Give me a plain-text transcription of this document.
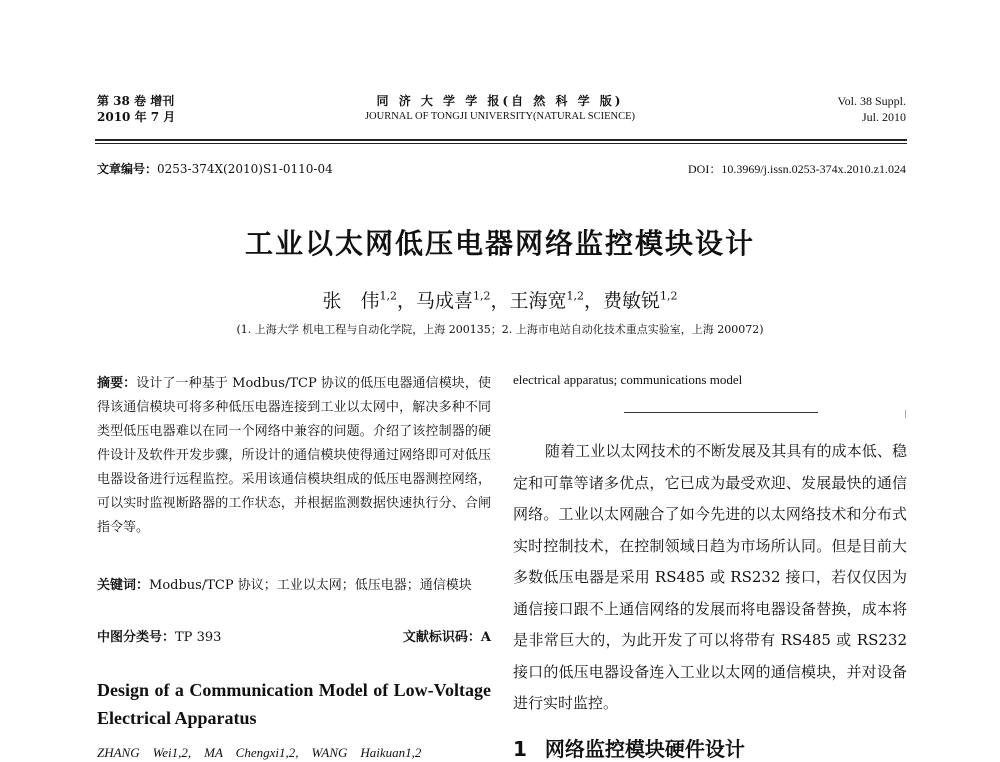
第 38 卷 增刊
2010 年 7 月
同 济 大 学 学 报(自 然 科 学 版)
JOURNAL OF TONGJI UNIVERSITY(NATURAL SCIENCE)
Vol. 38 Suppl.
Jul. 2010
文章编号：0253-374X(2010)S1-0110-04	DOI：10.3969/j.issn.0253-374x.2010.z1.024
工业以太网低压电器网络监控模块设计
张　伟$^{1,2}$，马成喜$^{1,2}$，王海宽$^{1,2}$，费敏锐$^{1,2}$
(1. 上海大学 机电工程与自动化学院，上海 200135；2. 上海市电站自动化技术重点实验室，上海 200072)
摘要：设计了一种基于 Modbus/TCP 协议的低压电器通信模块，使得该通信模块可将多种低压电器连接到工业以太网中，解决多种不同类型低压电器难以在同一个网络中兼容的问题。介绍了该控制器的硬件设计及软件开发步骤，所设计的通信模块使得通过网络即可对低压电器设备进行远程监控。采用该通信模块组成的低压电器测控网络，可以实时监视断路器的工作状态，并根据监测数据快速执行分、合闸指令等。
关键词：Modbus/TCP 协议；工业以太网；低压电器；通信模块
中图分类号：TP 393	文献标识码：A
Design of a Communication Model of Low-Voltage Electrical Apparatus
ZHANG　Wei1,2,　MA　Chengxi1,2,　WANG　Haikuan1,2
electrical apparatus; communications model
随着工业以太网技术的不断发展及其具有的成本低、稳定和可靠等诸多优点，它已成为最受欢迎、发展最快的通信网络。工业以太网融合了如今先进的以太网络技术和分布式实时控制技术，在控制领域日趋为市场所认同。但是目前大多数低压电器是采用 RS485 或 RS232 接口，若仅仅因为通信接口跟不上通信网络的发展而将电器设备替换，成本将是非常巨大的，为此开发了可以将带有 RS485 或 RS232 接口的低压电器设备连入工业以太网的通信模块，并对设备进行实时监控。
1 网络监控模块硬件设计
